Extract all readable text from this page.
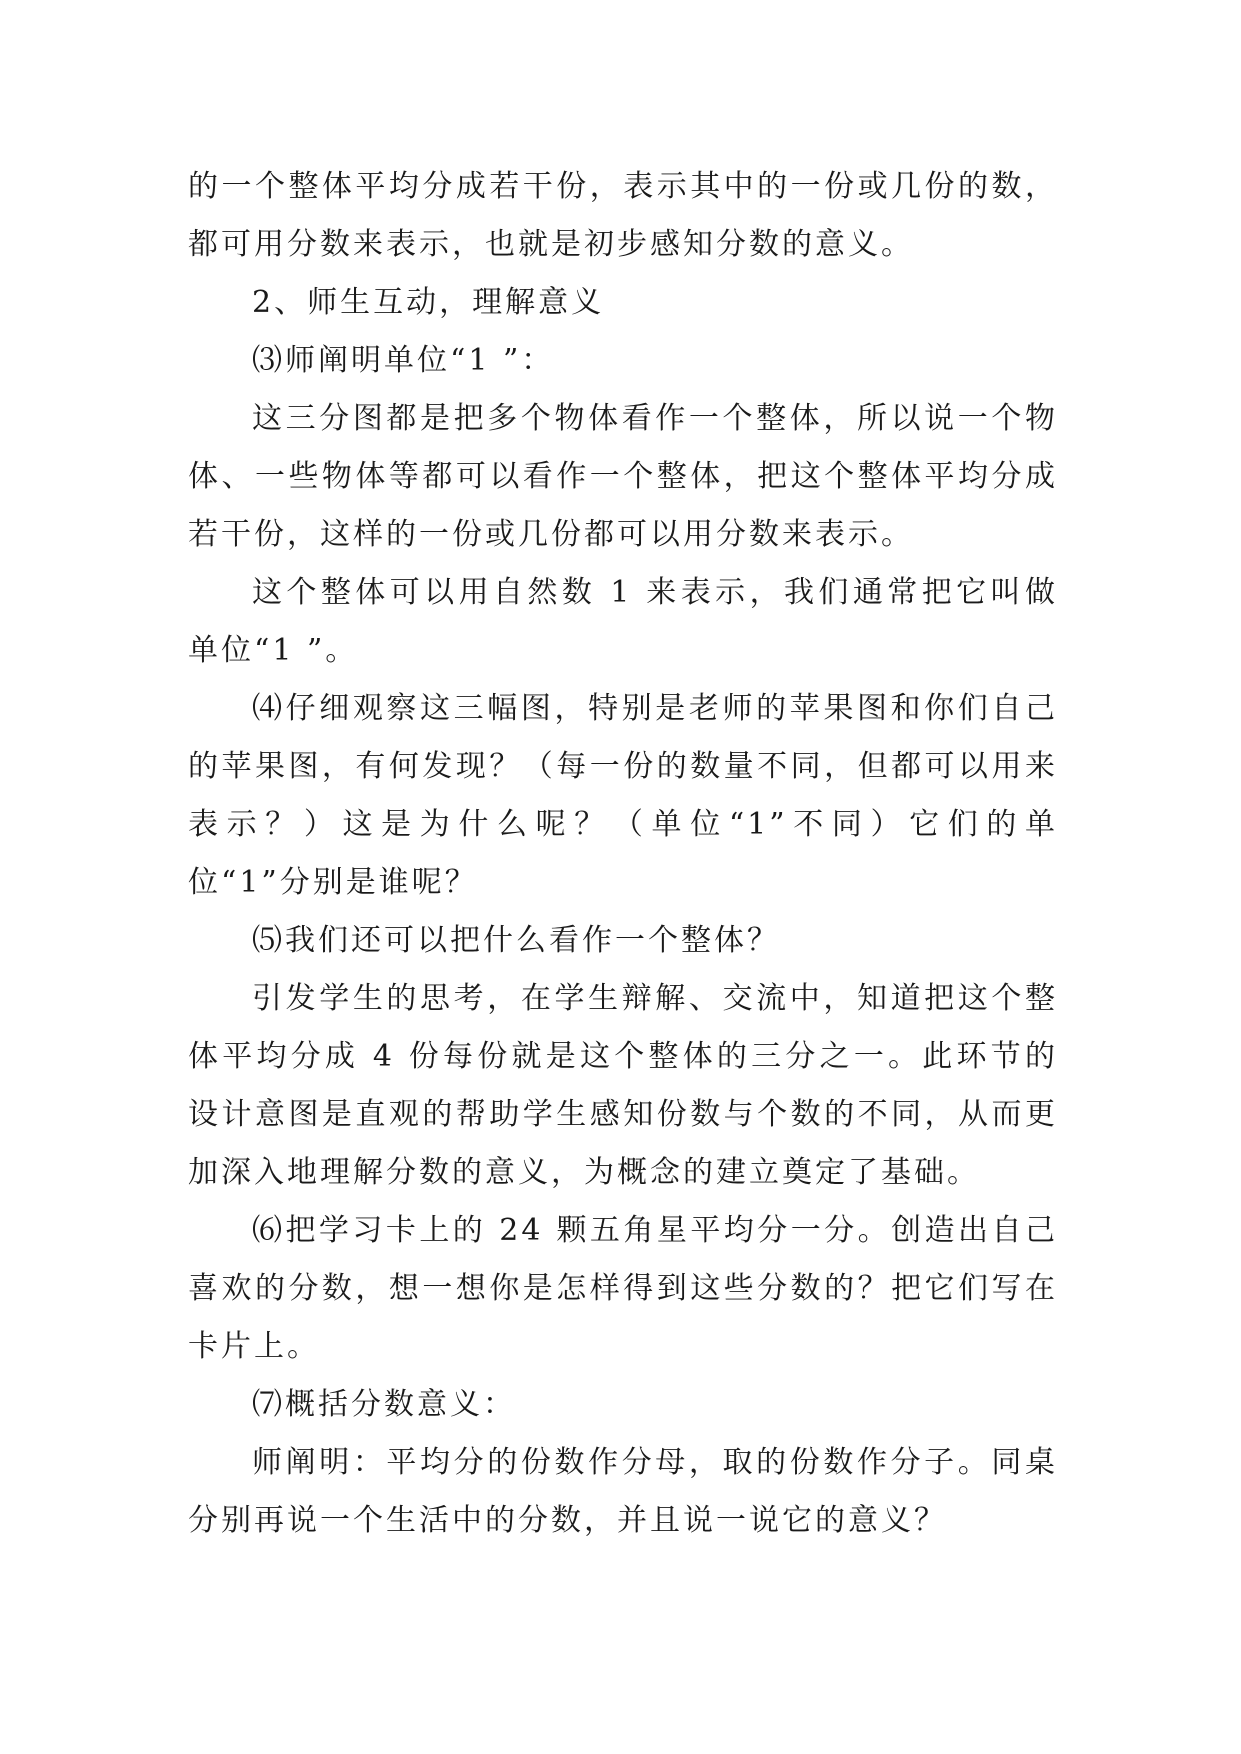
的一个整体平均分成若干份，表示其中的一份或几份的数，都可用分数来表示，也就是初步感知分数的意义。

2、师生互动，理解意义

⑶师阐明单位“1 ”：

这三分图都是把多个物体看作一个整体，所以说一个物体、一些物体等都可以看作一个整体，把这个整体平均分成若干份，这样的一份或几份都可以用分数来表示。

这个整体可以用自然数 1 来表示，我们通常把它叫做单位“1 ”。

⑷仔细观察这三幅图，特别是老师的苹果图和你们自己的苹果图，有何发现？（每一份的数量不同，但都可以用来表示？）这是为什么呢？（单位“1”不同）它们的单位“1”分别是谁呢？

⑸我们还可以把什么看作一个整体？

引发学生的思考，在学生辩解、交流中，知道把这个整体平均分成 4 份每份就是这个整体的三分之一。此环节的设计意图是直观的帮助学生感知份数与个数的不同，从而更加深入地理解分数的意义，为概念的建立奠定了基础。

⑹把学习卡上的 24 颗五角星平均分一分。创造出自己喜欢的分数，想一想你是怎样得到这些分数的？把它们写在卡片上。

⑺概括分数意义：

师阐明：平均分的份数作分母，取的份数作分子。同桌分别再说一个生活中的分数，并且说一说它的意义？
